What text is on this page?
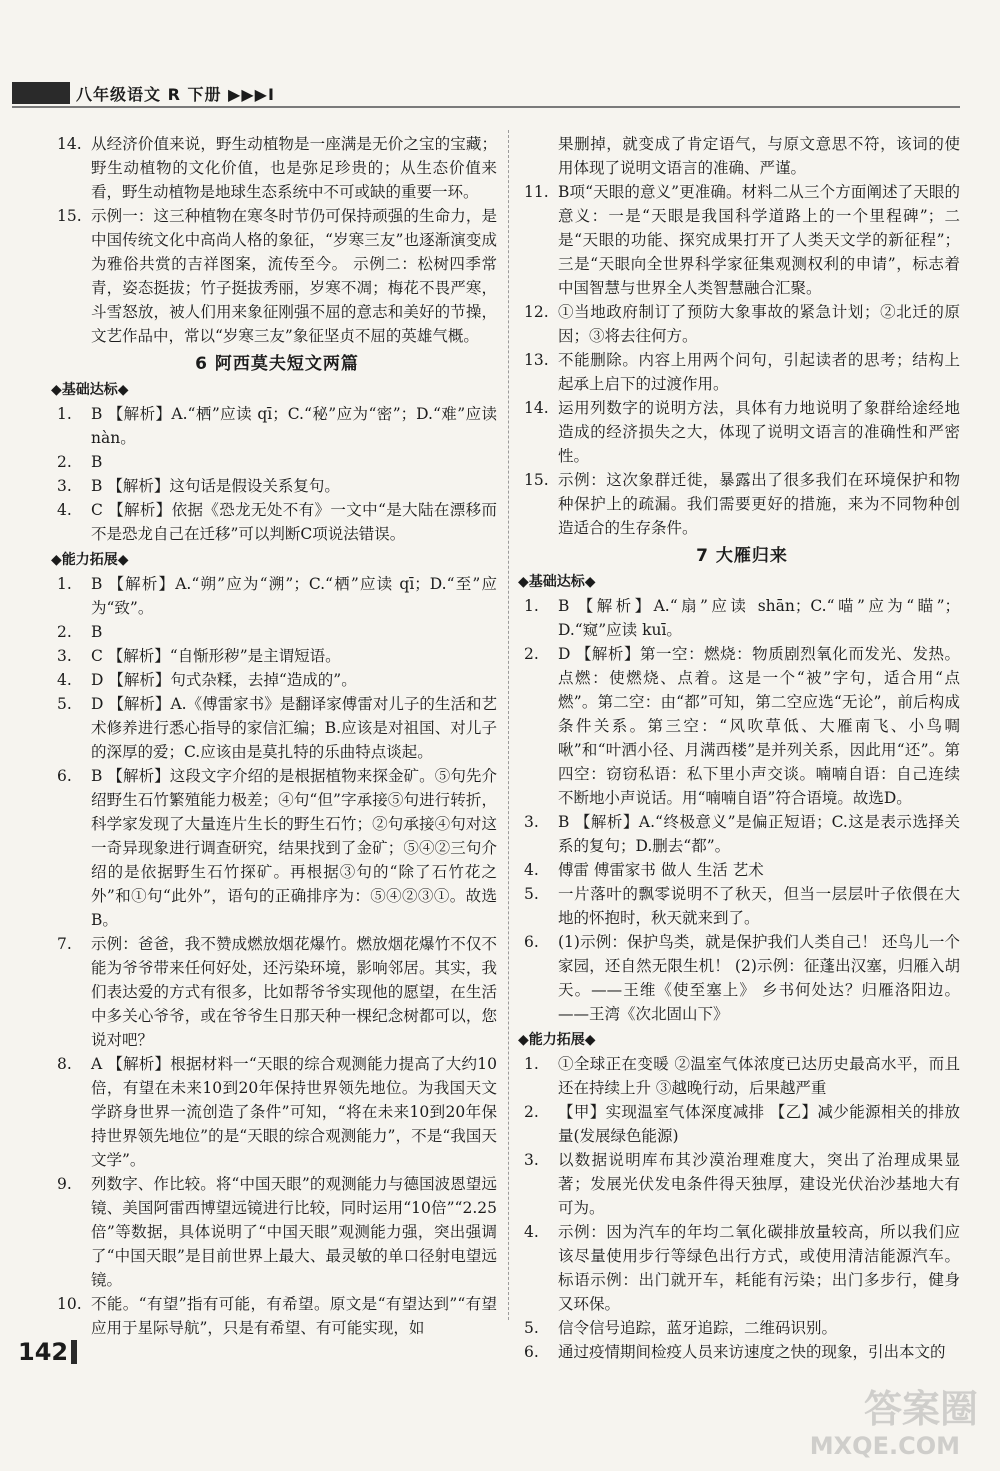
八年级语文 R 下册 ▶▶▶I
14. 从经济价值来说，野生动植物是一座满是无价之宝的宝藏；野生动植物的文化价值，也是弥足珍贵的；从生态价值来看，野生动植物是地球生态系统中不可或缺的重要一环。
15. 示例一：这三种植物在寒冬时节仍可保持顽强的生命力，是中国传统文化中高尚人格的象征，“岁寒三友”也逐渐演变成为雅俗共赏的吉祥图案，流传至今。 示例二：松树四季常青，姿态挺拔；竹子挺拔秀丽，岁寒不凋；梅花不畏严寒，斗雪怒放，被人们用来象征刚强不屈的意志和美好的节操，文艺作品中，常以“岁寒三友”象征坚贞不屈的英雄气概。
6 阿西莫夫短文两篇
◆基础达标◆
1.	B 【解析】A.“栖”应读 qī；C.“秘”应为“密”；D.“难”应读 nàn。
2.	B
3.	B 【解析】这句话是假设关系复句。
4.	C 【解析】依据《恐龙无处不有》一文中“是大陆在漂移而不是恐龙自己在迁移”可以判断C项说法错误。
◆能力拓展◆
1.	B 【解析】A.“朔”应为“溯”；C.“栖”应读 qī；D.“至”应为“致”。
2.	B
3.	C 【解析】“自惭形秽”是主谓短语。
4.	D 【解析】句式杂糅，去掉“造成的”。
5.	D 【解析】A.《傅雷家书》是翻译家傅雷对儿子的生活和艺术修养进行悉心指导的家信汇编；B.应该是对祖国、对儿子的深厚的爱；C.应该由是莫扎特的乐曲特点谈起。
6.	B 【解析】这段文字介绍的是根据植物来探金矿。⑤句先介绍野生石竹繁殖能力极差；④句“但”字承接⑤句进行转折，科学家发现了大量连片生长的野生石竹；②句承接④句对这一奇异现象进行调查研究，结果找到了金矿；⑤④②三句介绍的是依据野生石竹探矿。再根据③句的“除了石竹花之外”和①句“此外”，语句的正确排序为：⑤④②③①。故选B。
7.	示例：爸爸，我不赞成燃放烟花爆竹。燃放烟花爆竹不仅不能为爷爷带来任何好处，还污染环境，影响邻居。其实，我们表达爱的方式有很多，比如帮爷爷实现他的愿望，在生活中多关心爷爷，或在爷爷生日那天种一棵纪念树都可以，您说对吧？
8.	A 【解析】根据材料一“天眼的综合观测能力提高了大约10倍，有望在未来10到20年保持世界领先地位。为我国天文学跻身世界一流创造了条件”可知，“将在未来10到20年保持世界领先地位”的是“天眼的综合观测能力”，不是“我国天文学”。
9.	列数字、作比较。将“中国天眼”的观测能力与德国波恩望远镜、美国阿雷西博望远镜进行比较，同时运用“10倍”“2.25倍”等数据，具体说明了“中国天眼”观测能力强，突出强调了“中国天眼”是目前世界上最大、最灵敏的单口径射电望远镜。
10. 不能。“有望”指有可能，有希望。原文是“有望达到”“有望应用于星际导航”，只是有希望、有可能实现，如
果删掉，就变成了肯定语气，与原文意思不符，该词的使用体现了说明文语言的准确、严谨。
11. B项“天眼的意义”更准确。材料二从三个方面阐述了天眼的意义：一是“天眼是我国科学道路上的一个里程碑”；二是“天眼的功能、探究成果打开了人类天文学的新征程”；三是“天眼向全世界科学家征集观测权利的申请”，标志着中国智慧与世界全人类智慧融合汇聚。
12. ①当地政府制订了预防大象事故的紧急计划；②北迁的原因；③将去往何方。
13. 不能删除。内容上用两个问句，引起读者的思考；结构上起承上启下的过渡作用。
14. 运用列数字的说明方法，具体有力地说明了象群给途经地造成的经济损失之大，体现了说明文语言的准确性和严密性。
15. 示例：这次象群迁徙，暴露出了很多我们在环境保护和物种保护上的疏漏。我们需要更好的措施，来为不同物种创造适合的生存条件。
7 大雁归来
◆基础达标◆
1.	B 【解析】A.“扇”应读 shān；C.“喵”应为“瞄”；D.“窥”应读 kuī。
2.	D 【解析】第一空：燃烧：物质剧烈氧化而发光、发热。点燃：使燃烧、点着。这是一个“被”字句，适合用“点燃”。第二空：由“都”可知，第二空应选“无论”，前后构成条件关系。第三空：“风吹草低、大雁南飞、小鸟啁啾”和“叶洒小径、月满西楼”是并列关系，因此用“还”。第四空：窃窃私语：私下里小声交谈。喃喃自语：自己连续不断地小声说话。用“喃喃自语”符合语境。故选D。
3.	B 【解析】A.“终极意义”是偏正短语；C.这是表示选择关系的复句；D.删去“都”。
4.	傅雷 傅雷家书 做人 生活 艺术
5.	一片落叶的飘零说明不了秋天，但当一层层叶子依偎在大地的怀抱时，秋天就来到了。
6.	(1)示例：保护鸟类，就是保护我们人类自己！ 还鸟儿一个家园，还自然无限生机！ (2)示例：征蓬出汉塞，归雁入胡天。——王维《使至塞上》 乡书何处达？归雁洛阳边。——王湾《次北固山下》
◆能力拓展◆
1.	①全球正在变暖 ②温室气体浓度已达历史最高水平，而且还在持续上升 ③越晚行动，后果越严重
2.	【甲】实现温室气体深度减排 【乙】减少能源相关的排放量(发展绿色能源)
3.	以数据说明库布其沙漠治理难度大，突出了治理成果显著；发展光伏发电条件得天独厚，建设光伏治沙基地大有可为。
4.	示例：因为汽车的年均二氧化碳排放量较高，所以我们应该尽量使用步行等绿色出行方式，或使用清洁能源汽车。标语示例：出门就开车，耗能有污染；出门多步行，健身又环保。
5.	信令信号追踪，蓝牙追踪，二维码识别。
6.	通过疫情期间检疫人员来访速度之快的现象，引出本文的
142
答案圈
MXQE.COM
